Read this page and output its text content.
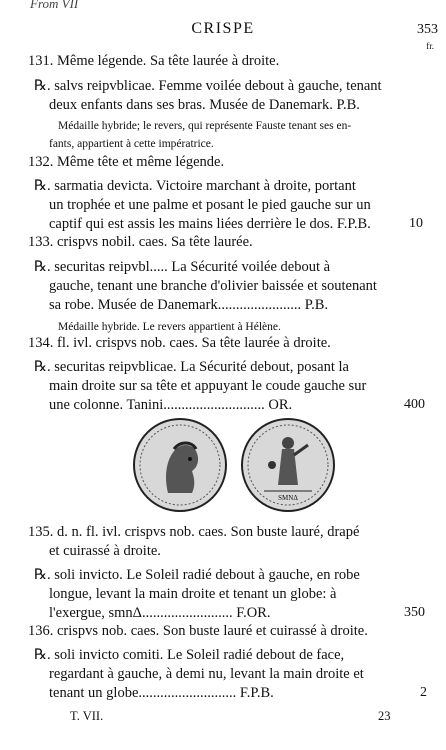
From VII
CRISPE	353
fr.
131. Même légende. Sa tête laurée à droite.
℞. salvs reipvblicae. Femme voilée debout à gauche, tenant
deux enfants dans ses bras. Musée de Danemark. P.B.
Médaille hybride; le revers, qui représente Fauste tenant ses en-
fants, appartient à cette impératrice.
132. Même tête et même légende.
℞. sarmatia devicta. Victoire marchant à droite, portant
un trophée et une palme et posant le pied gauche sur un
captif qui est assis les mains liées derrière le dos. F.P.B.	10
133. crispvs nobil. caes. Sa tête laurée.
℞. securitas reipvbl..... La Sécurité voilée debout à
gauche, tenant une branche d'olivier baissée et soutenant
sa robe. Musée de Danemark....................... P.B.
Médaille hybride. Le revers appartient à Hélène.
134. fl. ivl. crispvs nob. caes. Sa tête laurée à droite.
℞. securitas reipvblicae. La Sécurité debout, posant la
main droite sur sa tête et appuyant le coude gauche sur
une colonne. Tanini............................ OR.	400
SMNΔ
135. d. n. fl. ivl. crispvs nob. caes. Son buste lauré, drapé
et cuirassé à droite.
℞. soli invicto. Le Soleil radié debout à gauche, en robe
longue, levant la main droite et tenant un globe: à
l'exergue, smnΔ......................... F.OR.	350
136. crispvs nob. caes. Son buste lauré et cuirassé à droite.
℞. soli invicto comiti. Le Soleil radié debout de face,
regardant à gauche, à demi nu, levant la main droite et
tenant un globe........................... F.P.B.	2
T. VII.	23
